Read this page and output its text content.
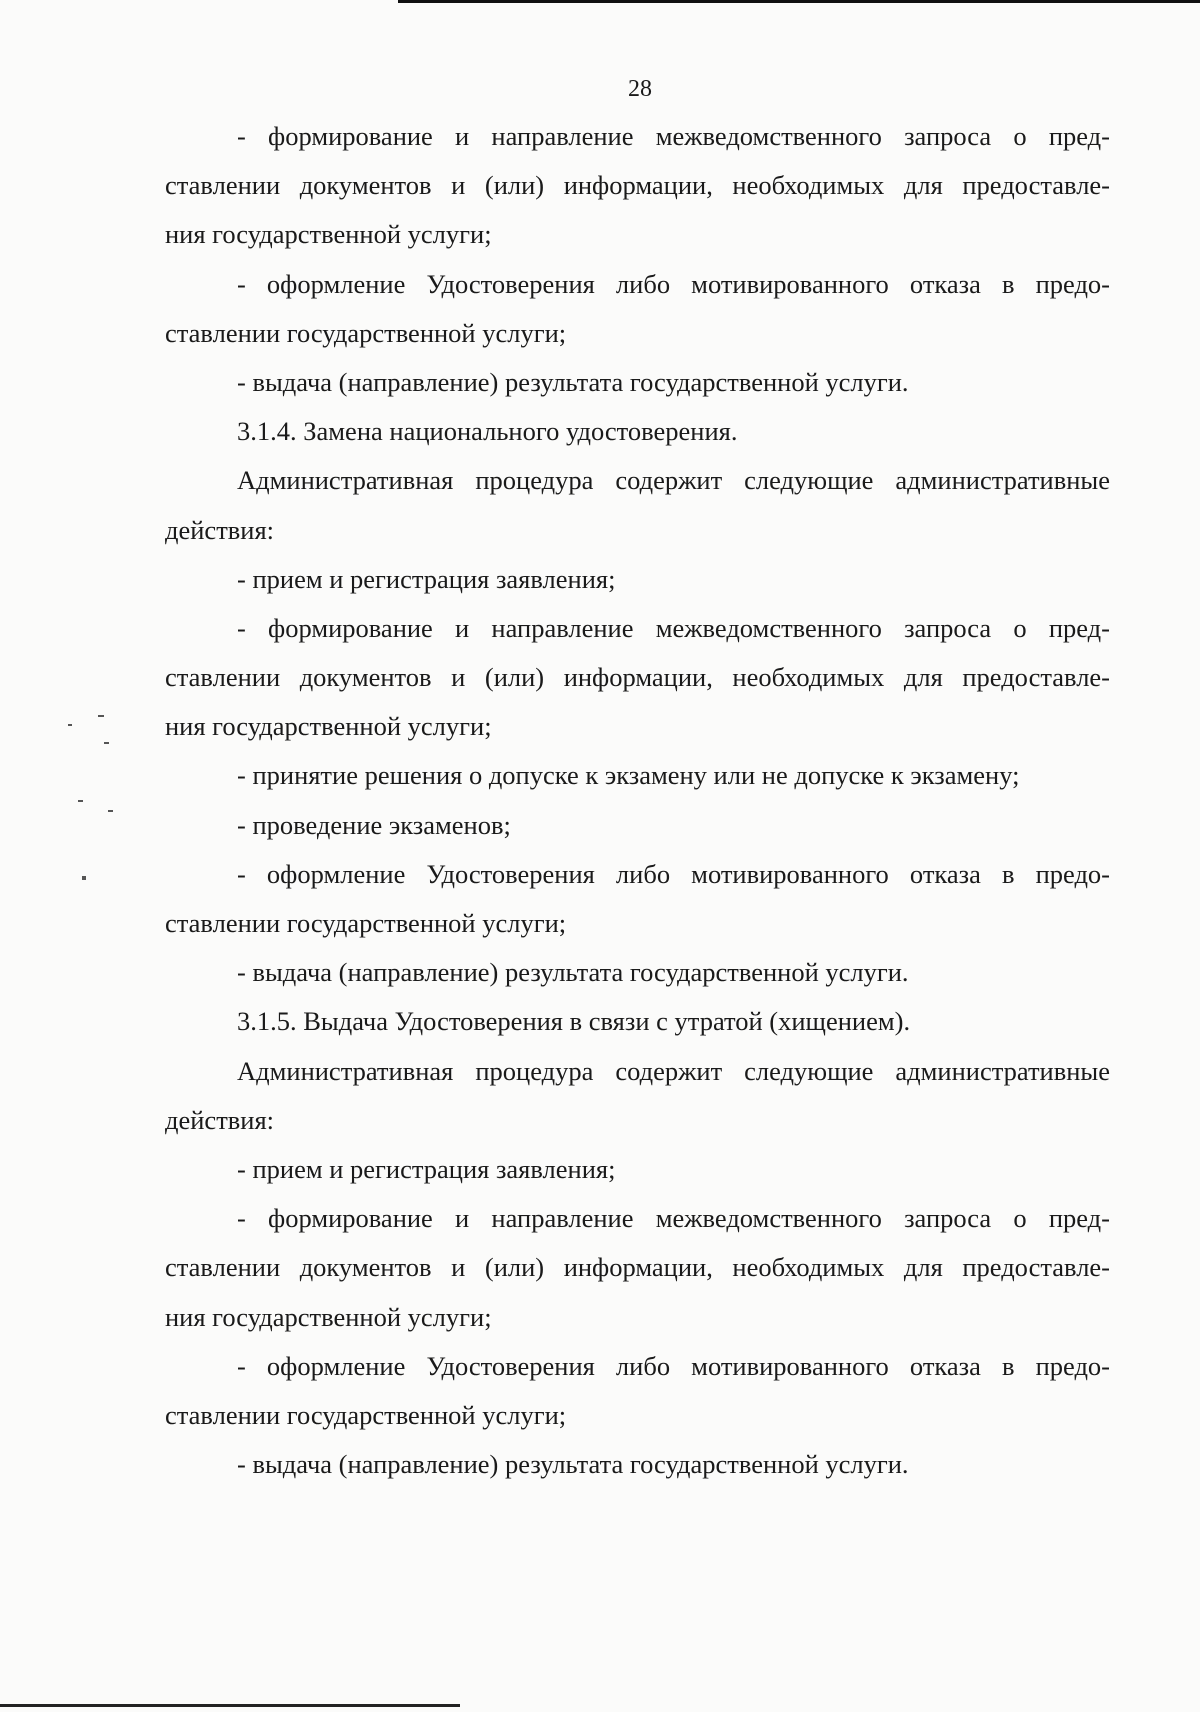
28
- формирование и направление межведомственного запроса о пред-
ставлении документов и (или) информации, необходимых для предоставле-
ния государственной услуги;
- оформление Удостоверения либо мотивированного отказа в предо-
ставлении государственной услуги;
- выдача (направление) результата государственной услуги.
3.1.4. Замена национального удостоверения.
Административная процедура содержит следующие административные
действия:
- прием и регистрация заявления;
- формирование и направление межведомственного запроса о пред-
ставлении документов и (или) информации, необходимых для предоставле-
ния государственной услуги;
- принятие решения о допуске к экзамену или не допуске к экзамену;
- проведение экзаменов;
- оформление Удостоверения либо мотивированного отказа в предо-
ставлении государственной услуги;
- выдача (направление) результата государственной услуги.
3.1.5. Выдача Удостоверения в связи с утратой (хищением).
Административная процедура содержит следующие административные
действия:
- прием и регистрация заявления;
- формирование и направление межведомственного запроса о пред-
ставлении документов и (или) информации, необходимых для предоставле-
ния государственной услуги;
- оформление Удостоверения либо мотивированного отказа в предо-
ставлении государственной услуги;
- выдача (направление) результата государственной услуги.
